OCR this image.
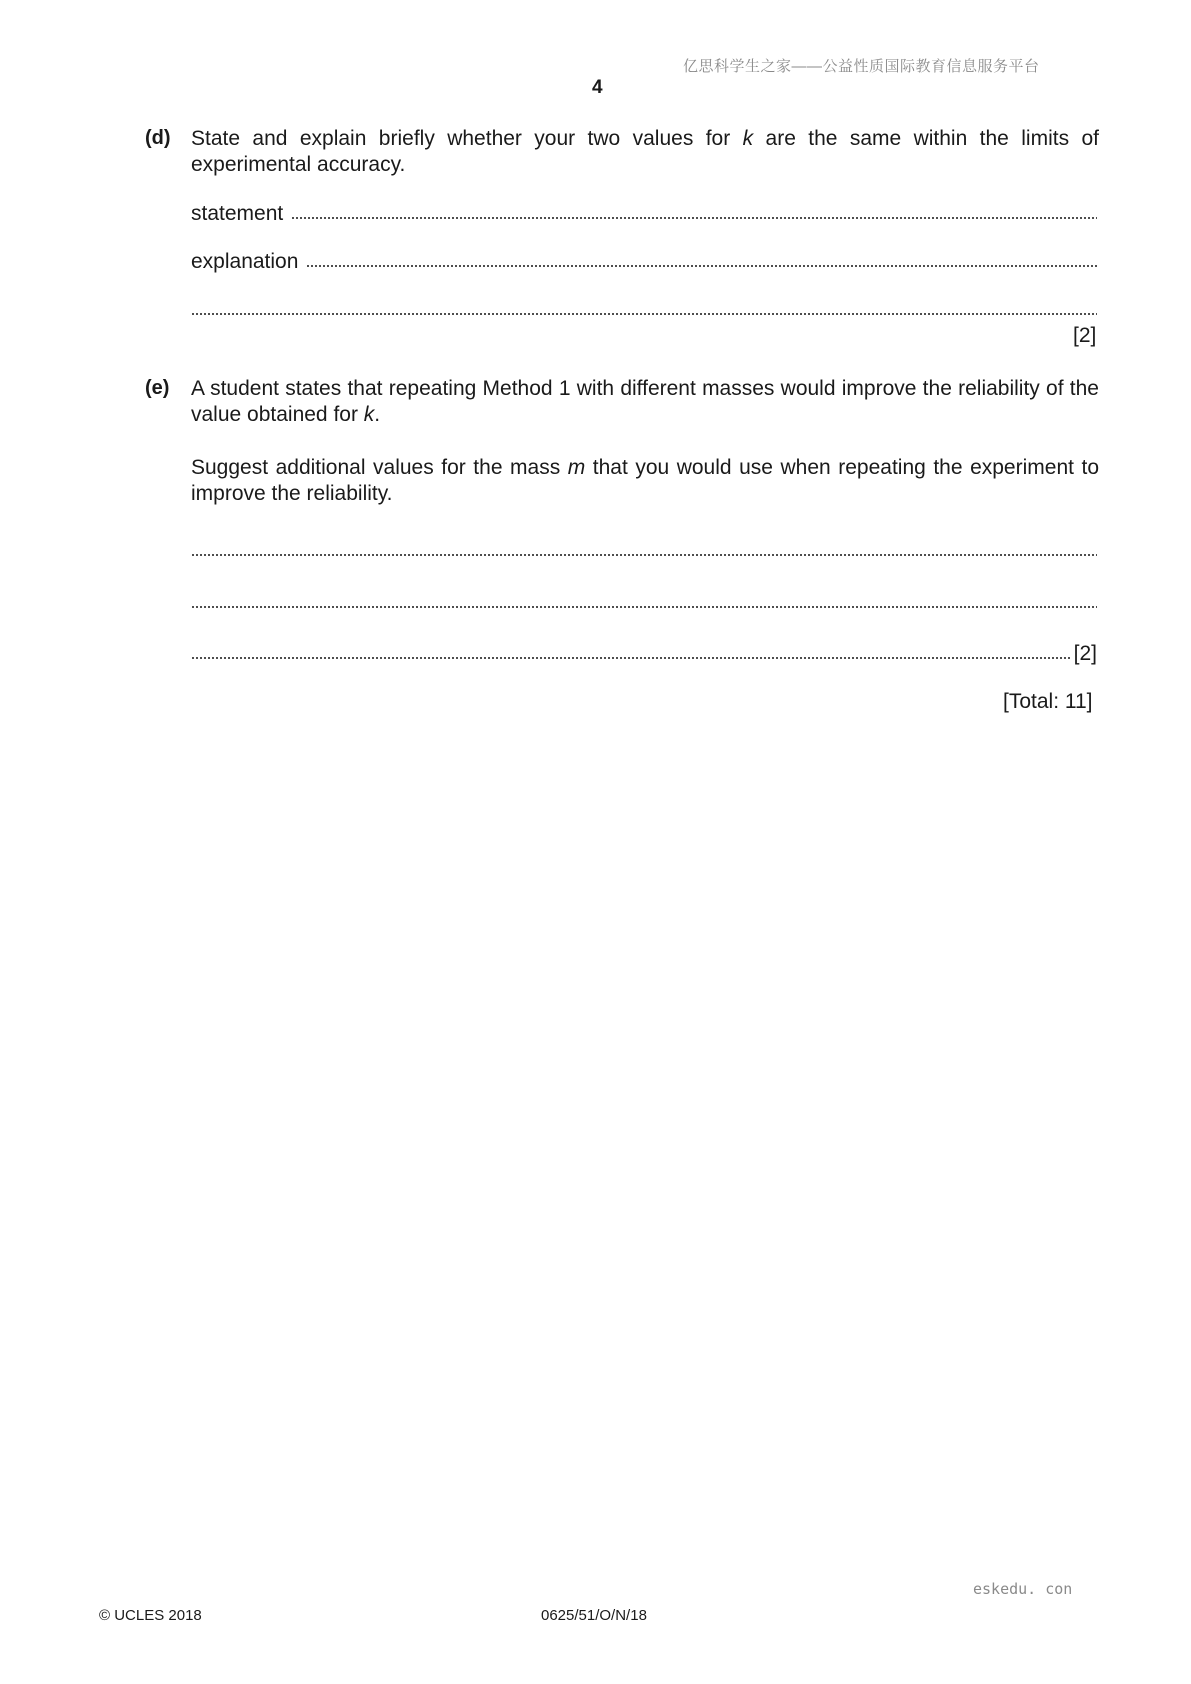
亿思科学生之家——公益性质国际教育信息服务平台
4
(d) State and explain briefly whether your two values for k are the same within the limits of experimental accuracy.
statement
explanation
[2]
(e) A student states that repeating Method 1 with different masses would improve the reliability of the value obtained for k.
Suggest additional values for the mass m that you would use when repeating the experiment to improve the reliability.
[2]
[Total: 11]
eskedu. con
© UCLES 2018	0625/51/O/N/18
